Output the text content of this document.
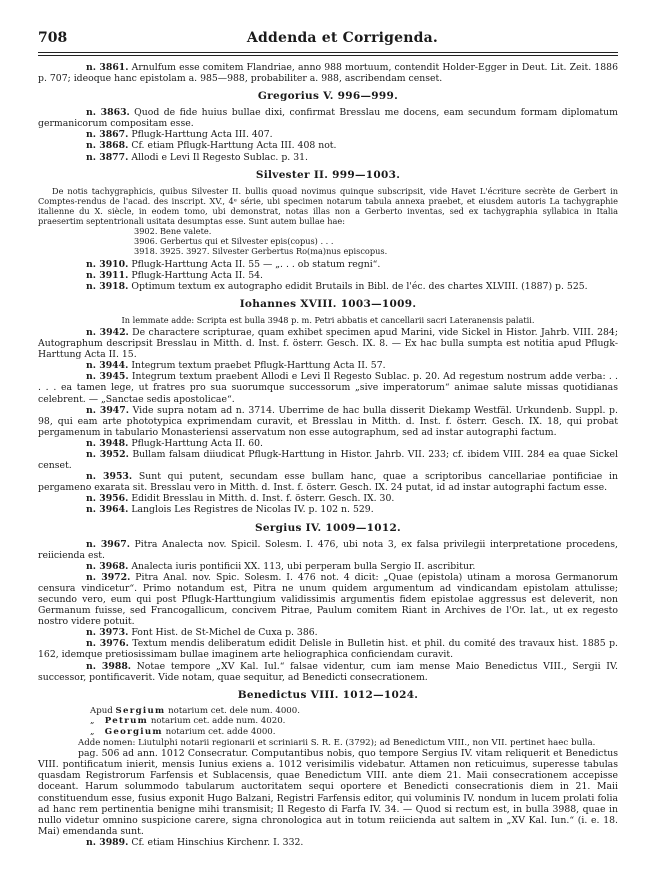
708	Addenda et Corrigenda.

n. 3861. Arnulfum esse comitem Flandriae, anno 988 mortuum, contendit Holder-Egger in Deut. Lit. Zeit. 1886 p. 707; ideoque hanc epistolam a. 985—988, probabiliter a. 988, ascribendam censet.

Gregorius V. 996—999.

n. 3863. Quod de fide huius bullae dixi, confirmat Bresslau me docens, eam secundum formam diplomatum germanicorum compositam esse.

n. 3867. Pflugk-Harttung Acta III. 407.

n. 3868. Cf. etiam Pflugk-Harttung Acta III. 408 not.

n. 3877. Allodi e Levi Il Regesto Sublac. p. 31.

Silvester II. 999—1003.

De notis tachygraphicis, quibus Silvester II. bullis quoad novimus quinque subscripsit, vide Havet L'écriture secrète de Gerbert in Comptes-rendus de l'acad. des inscript. XV., 4ᵉ série, ubi specimen notarum tabula annexa praebet, et eiusdem autoris La tachygraphie italienne du X. siècle, in eodem tomo, ubi demonstrat, notas illas non a Gerberto inventas, sed ex tachygraphia syllabica in Italia praesertim septentrionali usitata desumptas esse. Sunt autem bullae hae:

3902. Bene valete.

3906. Gerbertus qui et Silvester epis(copus) . . .

3918. 3925. 3927. Silvester Gerbertus Ro(ma)nus episcopus.

n. 3910. Pflugk-Harttung Acta II. 55 — „. . . ob statum regni“.

n. 3911. Pflugk-Harttung Acta II. 54.

n. 3918. Optimum textum ex autographo edidit Brutails in Bibl. de l'éc. des chartes XLVIII. (1887) p. 525.

Iohannes XVIII. 1003—1009.

In lemmate adde: Scripta est bulla 3948 p. m. Petri abbatis et cancellarii sacri Lateranensis palatii.

n. 3942. De charactere scripturae, quam exhibet specimen apud Marini, vide Sickel in Histor. Jahrb. VIII. 284; Autographum descripsit Bresslau in Mitth. d. Inst. f. österr. Gesch. IX. 8. — Ex hac bulla sumpta est notitia apud Pflugk-Harttung Acta II. 15.

n. 3944. Integrum textum praebet Pflugk-Harttung Acta II. 57.

n. 3945. Integrum textum praebent Allodi e Levi Il Regesto Sublac. p. 20. Ad regestum nostrum adde verba: . . . . . ea tamen lege, ut fratres pro sua suorumque successorum „sive imperatorum“ animae salute missas quotidianas celebrent. — „Sanctae sedis apostolicae“.

n. 3947. Vide supra notam ad n. 3714. Uberrime de hac bulla disserit Diekamp Westfäl. Urkundenb. Suppl. p. 98, qui eam arte phototypica exprimendam curavit, et Bresslau in Mitth. d. Inst. f. österr. Gesch. IX. 18, qui probat pergamenum in tabulario Monasteriensi asservatum non esse autographum, sed ad instar autographi factum.

n. 3948. Pflugk-Harttung Acta II. 60.

n. 3952. Bullam falsam diiudicat Pflugk-Harttung in Histor. Jahrb. VII. 233; cf. ibidem VIII. 284 ea quae Sickel censet.

n. 3953. Sunt qui putent, secundam esse bullam hanc, quae a scriptoribus cancellariae pontificiae in pergameno exarata sit. Bresslau vero in Mitth. d. Inst. f. österr. Gesch. IX. 24 putat, id ad instar autographi factum esse.

n. 3956. Edidit Bresslau in Mitth. d. Inst. f. österr. Gesch. IX. 30.

n. 3964. Langlois Les Registres de Nicolas IV. p. 102 n. 529.

Sergius IV. 1009—1012.

n. 3967. Pitra Analecta nov. Spicil. Solesm. I. 476, ubi nota 3, ex falsa privilegii interpretatione procedens, reiicienda est.

n. 3968. Analecta iuris pontificii XX. 113, ubi perperam bulla Sergio II. ascribitur.

n. 3972. Pitra Anal. nov. Spic. Solesm. I. 476 not. 4 dicit: „Quae (epistola) utinam a morosa Germanorum censura vindicetur“. Primo notandum est, Pitra ne unum quidem argumentum ad vindicandam epistolam attulisse; secundo vero, eum qui post Pflugk-Harttungium validissimis argumentis fidem epistolae aggressus est deleverit, non Germanum fuisse, sed Francogallicum, concivem Pitrae, Paulum comitem Riant in Archives de l'Or. lat., ut ex regesto nostro videre potuit.

n. 3973. Font Hist. de St-Michel de Cuxa p. 386.

n. 3976. Textum mendis deliberatum edidit Delisle in Bulletin hist. et phil. du comité des travaux hist. 1885 p. 162, idemque pretiosissimam bullae imaginem arte heliographica conficiendam curavit.

n. 3988. Notae tempore „XV Kal. Iul.“ falsae videntur, cum iam mense Maio Benedictus VIII., Sergii IV. successor, pontificaverit. Vide notam, quae sequitur, ad Benedicti consecrationem.

Benedictus VIII. 1012—1024.

Apud Sergium notarium cet. dele num. 4000.

„ Petrum notarium cet. adde num. 4020.

„ Georgium notarium cet. adde 4000.

Adde nomen: Liutulphi notarii regionarii et scriniarii S. R. E. (3792); ad Benedictum VIII., non VII. pertinet haec bulla.

pag. 506 ad ann. 1012 Consecratur. Computantibus nobis, quo tempore Sergius IV. vitam reliquerit et Benedictus VIII. pontificatum inierit, mensis Iunius exiens a. 1012 verisimilis videbatur. Attamen non reticuimus, superesse tabulas quasdam Registrorum Farfensis et Sublacensis, quae Benedictum VIII. ante diem 21. Maii consecrationem accepisse doceant. Harum solummodo tabularum auctoritatem sequi oportere et Benedicti consecrationis diem in 21. Maii constituendum esse, fusius exponit Hugo Balzani, Registri Farfensis editor, qui voluminis IV. nondum in lucem prolati folia ad hanc rem pertinentia benigne mihi transmisit; Il Regesto di Farfa IV. 34. — Quod si rectum est, in bulla 3988, quae in nullo videtur omnino suspicione carere, signa chronologica aut in totum reiicienda aut saltem in „XV Kal. Iun.“ (i. e. 18. Mai) emendanda sunt.

n. 3989. Cf. etiam Hinschius Kirchenr. I. 332.
